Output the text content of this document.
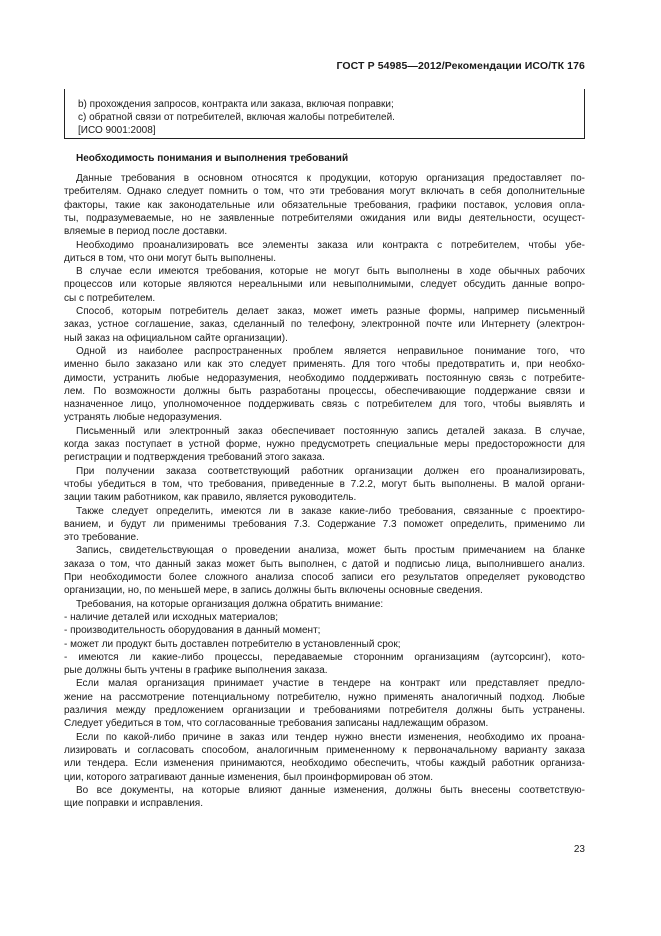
ГОСТ Р 54985—2012/Рекомендации ИСО/ТК 176
b) прохождения запросов, контракта или заказа, включая поправки;
c) обратной связи от потребителей, включая жалобы потребителей.
[ИСО 9001:2008]
Необходимость понимания и выполнения требований
Данные требования в основном относятся к продукции, которую организация предоставляет по-
требителям. Однако следует помнить о том, что эти требования могут включать в себя дополнительные
факторы, такие как законодательные или обязательные требования, графики поставок, условия опла-
ты, подразумеваемые, но не заявленные потребителями ожидания или виды деятельности, осущест-
вляемые в период после доставки.
Необходимо проанализировать все элементы заказа или контракта с потребителем, чтобы убе-
диться в том, что они могут быть выполнены.
В случае если имеются требования, которые не могут быть выполнены в ходе обычных рабочих
процессов или которые являются нереальными или невыполнимыми, следует обсудить данные вопро-
сы с потребителем.
Способ, которым потребитель делает заказ, может иметь разные формы, например письменный
заказ, устное соглашение, заказ, сделанный по телефону, электронной почте или Интернету (электрон-
ный заказ на официальном сайте организации).
Одной из наиболее распространенных проблем является неправильное понимание того, что
именно было заказано или как это следует применять. Для того чтобы предотвратить и, при необхо-
димости, устранить любые недоразумения, необходимо поддерживать постоянную связь с потребите-
лем. По возможности должны быть разработаны процессы, обеспечивающие поддержание связи и
назначенное лицо, уполномоченное поддерживать связь с потребителем для того, чтобы выявлять и
устранять любые недоразумения.
Письменный или электронный заказ обеспечивает постоянную запись деталей заказа. В случае,
когда заказ поступает в устной форме, нужно предусмотреть специальные меры предосторожности для
регистрации и подтверждения требований этого заказа.
При получении заказа соответствующий работник организации должен его проанализировать,
чтобы убедиться в том, что требования, приведенные в 7.2.2, могут быть выполнены. В малой органи-
зации таким работником, как правило, является руководитель.
Также следует определить, имеются ли в заказе какие-либо требования, связанные с проектиро-
ванием, и будут ли применимы требования 7.3. Содержание 7.3 поможет определить, применимо ли
это требование.
Запись, свидетельствующая о проведении анализа, может быть простым примечанием на бланке
заказа о том, что данный заказ может быть выполнен, с датой и подписью лица, выполнившего анализ.
При необходимости более сложного анализа способ записи его результатов определяет руководство
организации, но, по меньшей мере, в запись должны быть включены основные сведения.
Требования, на которые организация должна обратить внимание:
- наличие деталей или исходных материалов;
- производительность оборудования в данный момент;
- может ли продукт быть доставлен потребителю в установленный срок;
- имеются ли какие-либо процессы, передаваемые сторонним организациям (аутсорсинг), кото-
рые должны быть учтены в графике выполнения заказа.
Если малая организация принимает участие в тендере на контракт или представляет предло-
жение на рассмотрение потенциальному потребителю, нужно применять аналогичный подход. Любые
различия между предложением организации и требованиями потребителя должны быть устранены.
Следует убедиться в том, что согласованные требования записаны надлежащим образом.
Если по какой-либо причине в заказ или тендер нужно внести изменения, необходимо их проана-
лизировать и согласовать способом, аналогичным примененному к первоначальному варианту заказа
или тендера. Если изменения принимаются, необходимо обеспечить, чтобы каждый работник организа-
ции, которого затрагивают данные изменения, был проинформирован об этом.
Во все документы, на которые влияют данные изменения, должны быть внесены соответствую-
щие поправки и исправления.
23
